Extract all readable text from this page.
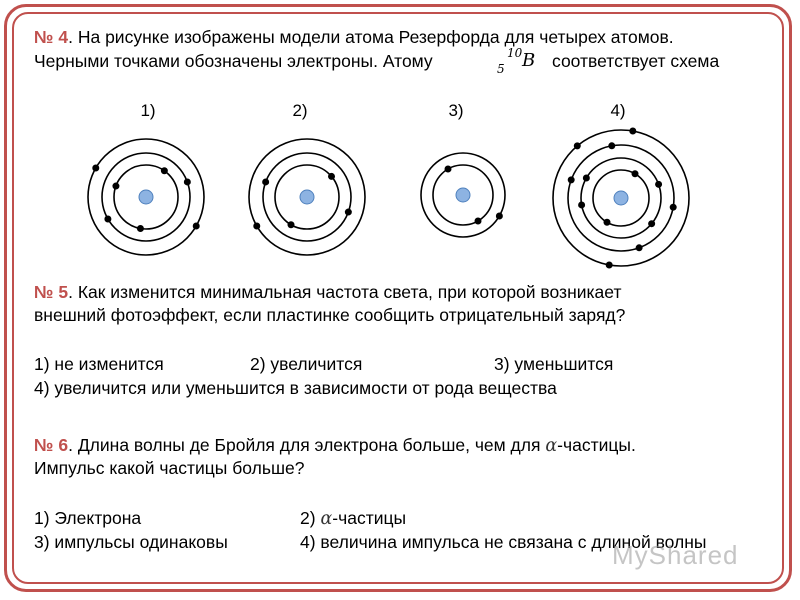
№ 4. На рисунке изображены модели атома Резерфорда для четырех атомов.
Черными точками обозначены электроны. Атому	10
5 B соответствует схема
1)	2)	3)	4)
№ 5. Как изменится минимальная частота света, при которой возникает
внешний фотоэффект, если пластинке сообщить отрицательный заряд?
1) не изменится	2) увеличится	3) уменьшится
4) увеличится или уменьшится в зависимости от рода вещества
№ 6. Длина волны де Бройля для электрона больше, чем для α-частицы.
Импульс какой частицы больше?
1) Электрона	2) α-частицы
3) импульсы одинаковы	4) величина импульса не связана с длиной волны
MyShared
